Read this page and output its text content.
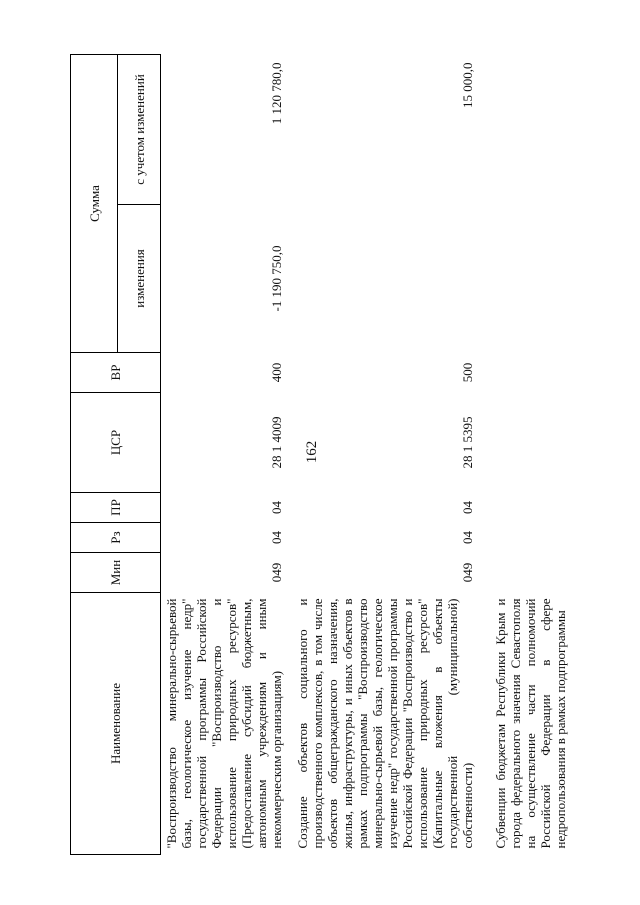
162
Наименование	Мин	Рз	ПР	ЦСР	ВР	Сумма	
						изменения	с учетом изменений
"Воспроизводство минерально-сырьевой базы, геологическое изучение недр" государственной программы Российской Федерации "Воспроизводство и использование природных ресурсов" (Предоставление субсидий бюджетным, автономным учреждениям и иным некоммерческим организациям)	049	04	04	28 1 4009	400	-1 190 750,0	1 120 780,0
Создание объектов социального и производственного комплексов, в том числе объектов общегражданского назначения, жилья, инфраструктуры, и иных объектов в рамках подпрограммы "Воспроизводство минерально-сырьевой базы, геологическое изучение недр" государственной программы Российской Федерации "Воспроизводство и использование природных ресурсов" (Капитальные вложения в объекты государственной (муниципальной) собственности)	049	04	04	28 1 5395	500		15 000,0
Субвенции бюджетам Республики Крым и города федерального значения Севастополя на осуществление части полномочий Российской Федерации в сфере недропользования в рамках подпрограммы							
